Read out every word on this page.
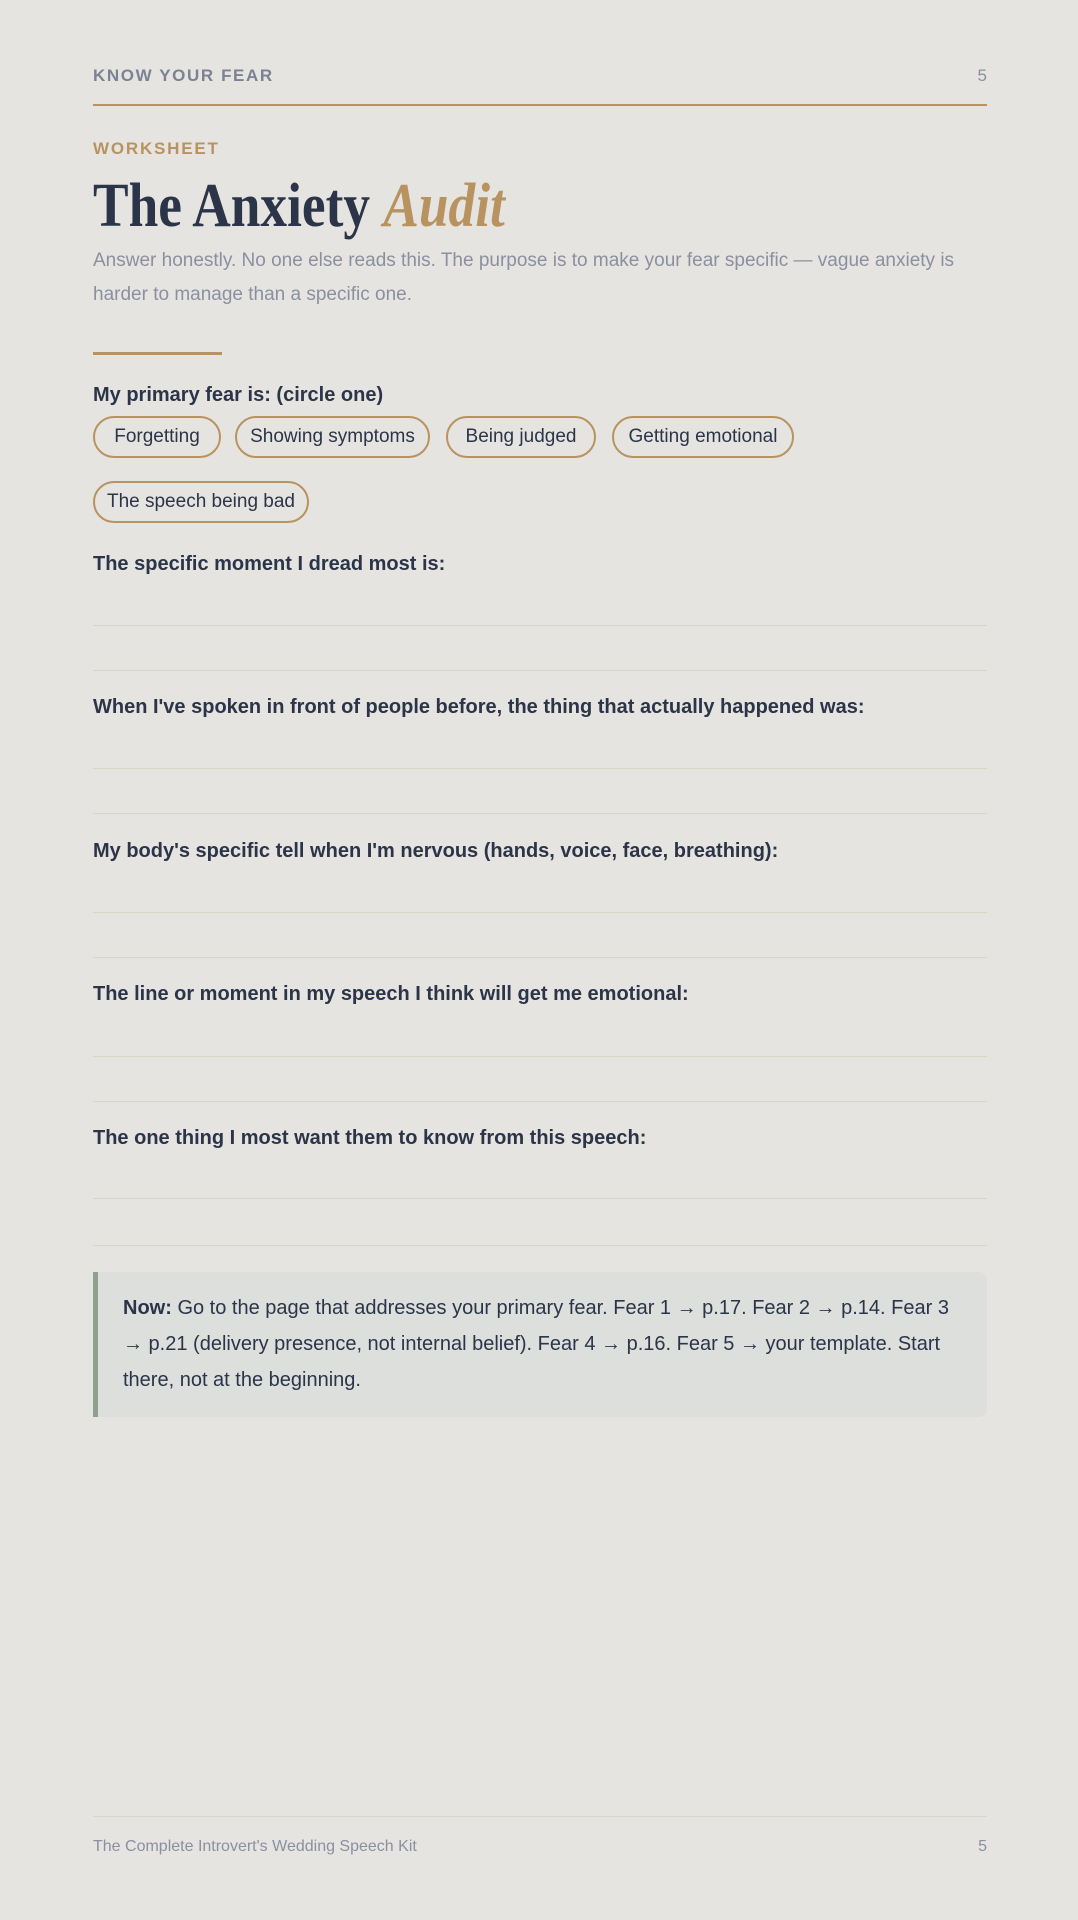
KNOW YOUR FEAR	5
WORKSHEET
The Anxiety Audit

Answer honestly. No one else reads this. The purpose is to make your fear specific — vague anxiety is harder to manage than a specific one.

My primary fear is: (circle one)

Forgetting	Showing symptoms	Being judged	Getting emotional
The speech being bad

The specific moment I dread most is:

When I've spoken in front of people before, the thing that actually happened was:

My body's specific tell when I'm nervous (hands, voice, face, breathing):

The line or moment in my speech I think will get me emotional:

The one thing I most want them to know from this speech:

Now: Go to the page that addresses your primary fear. Fear 1 → p.17. Fear 2 → p.14. Fear 3 → p.21 (delivery presence, not internal belief). Fear 4 → p.16. Fear 5 → your template. Start there, not at the beginning.

The Complete Introvert's Wedding Speech Kit	5
